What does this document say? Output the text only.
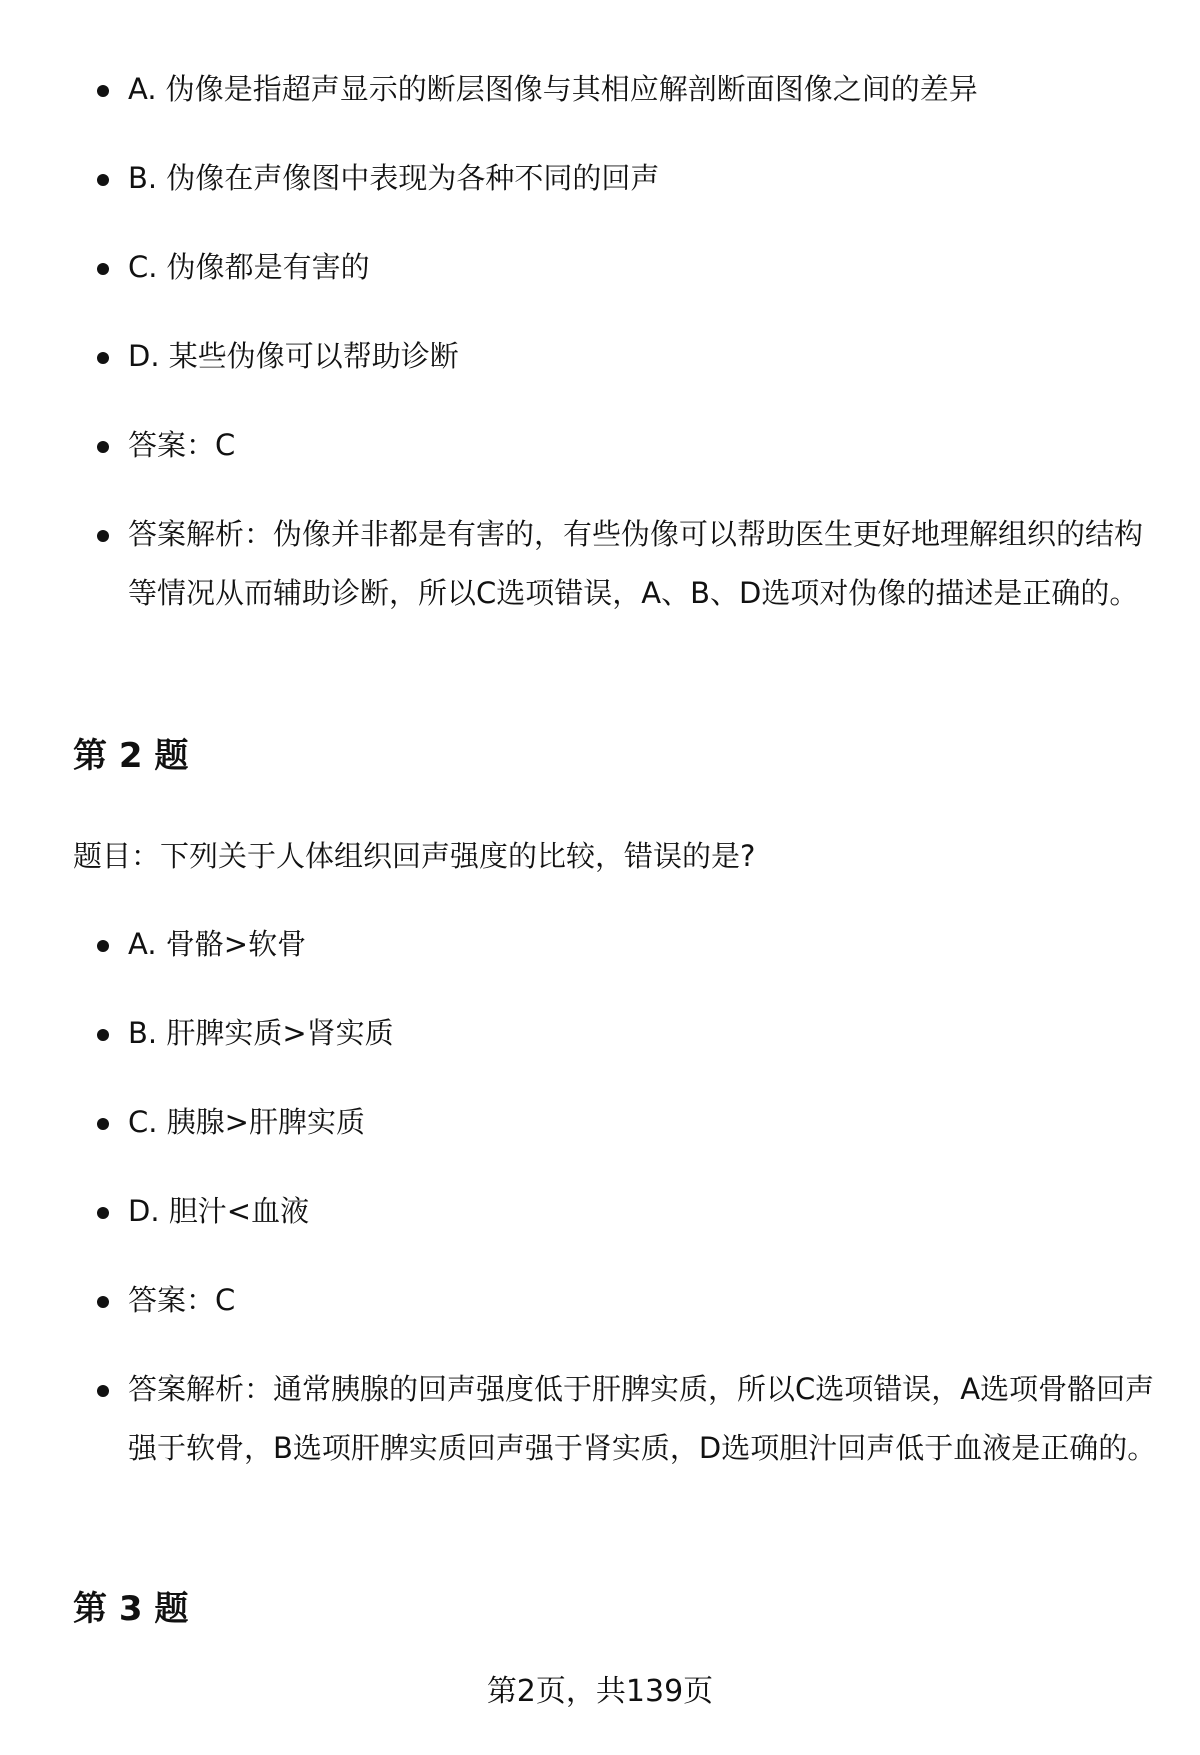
A. 伪像是指超声显示的断层图像与其相应解剖断面图像之间的差异
B. 伪像在声像图中表现为各种不同的回声
C. 伪像都是有害的
D. 某些伪像可以帮助诊断
答案：C
答案解析：伪像并非都是有害的，有些伪像可以帮助医生更好地理解组织的结构等情况从而辅助诊断，所以C选项错误，A、B、D选项对伪像的描述是正确的。
第 2 题

题目：下列关于人体组织回声强度的比较，错误的是?

A. 骨骼>软骨
B. 肝脾实质>肾实质
C. 胰腺>肝脾实质
D. 胆汁<血液
答案：C
答案解析：通常胰腺的回声强度低于肝脾实质，所以C选项错误，A选项骨骼回声强于软骨，B选项肝脾实质回声强于肾实质，D选项胆汁回声低于血液是正确的。
第 3 题
第2页，共139页
